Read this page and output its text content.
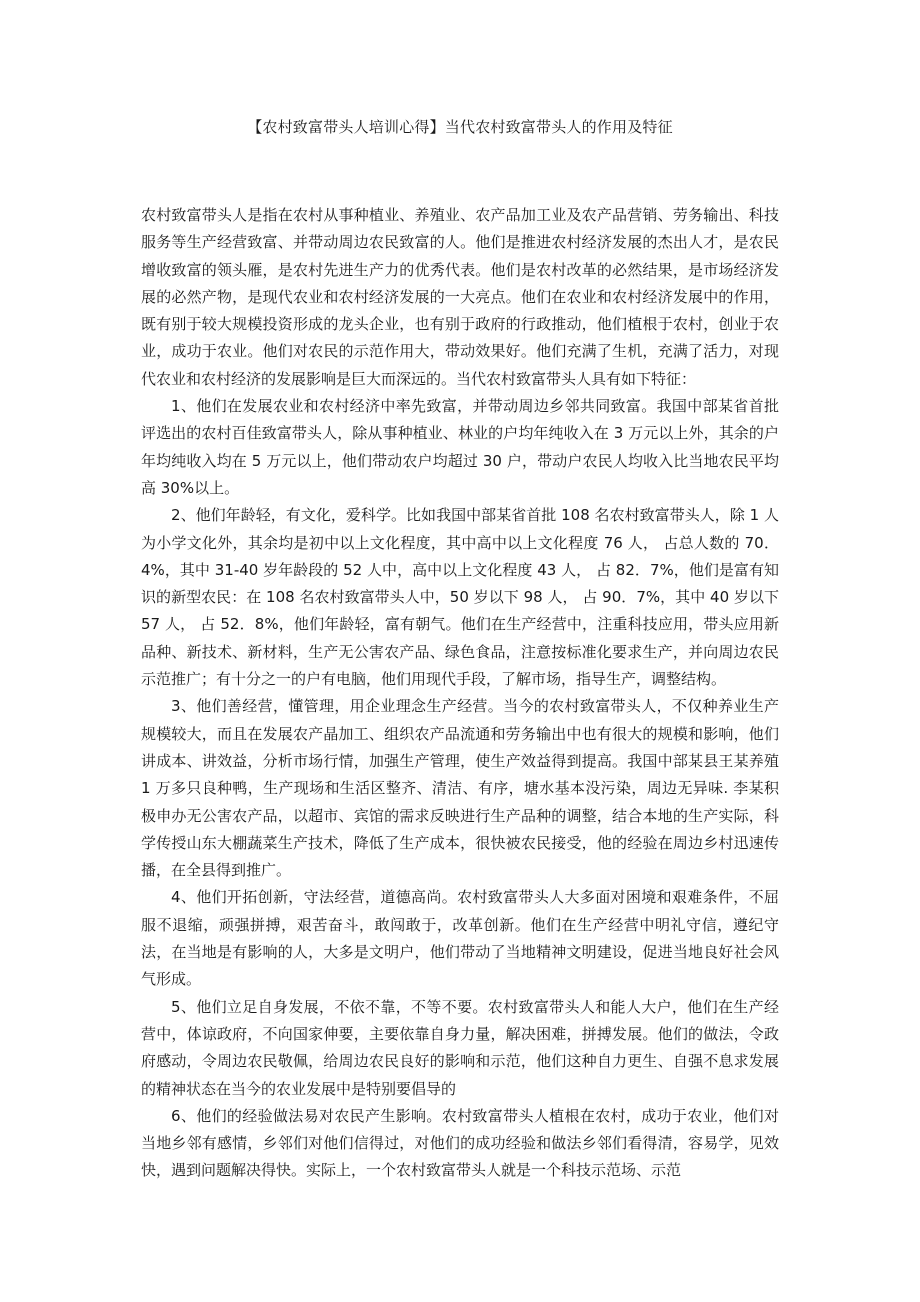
【农村致富带头人培训心得】当代农村致富带头人的作用及特征

农村致富带头人是指在农村从事种植业、养殖业、农产品加工业及农产品营销、劳务输出、科技服务等生产经营致富、并带动周边农民致富的人。他们是推进农村经济发展的杰出人才，是农民增收致富的领头雁，是农村先进生产力的优秀代表。他们是农村改革的必然结果，是市场经济发展的必然产物，是现代农业和农村经济发展的一大亮点。他们在农业和农村经济发展中的作用，既有别于较大规模投资形成的龙头企业，也有别于政府的行政推动，他们植根于农村，创业于农业，成功于农业。他们对农民的示范作用大，带动效果好。他们充满了生机，充满了活力，对现代农业和农村经济的发展影响是巨大而深远的。当代农村致富带头人具有如下特征：

1、他们在发展农业和农村经济中率先致富，并带动周边乡邻共同致富。我国中部某省首批评选出的农村百佳致富带头人，除从事种植业、林业的户均年纯收入在 3 万元以上外，其余的户年均纯收入均在 5 万元以上，他们带动农户均超过 30 户，带动户农民人均收入比当地农民平均高 30%以上。

2、他们年龄轻，有文化，爱科学。比如我国中部某省首批 108 名农村致富带头人，除 1 人为小学文化外，其余均是初中以上文化程度，其中高中以上文化程度 76 人， 占总人数的 70．4%，其中 31-40 岁年龄段的 52 人中，高中以上文化程度 43 人， 占 82．7%，他们是富有知识的新型农民：在 108 名农村致富带头人中，50 岁以下 98 人， 占 90．7%，其中 40 岁以下 57 人， 占 52．8%，他们年龄轻，富有朝气。他们在生产经营中，注重科技应用，带头应用新品种、新技术、新材料，生产无公害农产品、绿色食品，注意按标准化要求生产，并向周边农民示范推广；有十分之一的户有电脑，他们用现代手段，了解市场，指导生产，调整结构。

3、他们善经营，懂管理，用企业理念生产经营。当今的农村致富带头人，不仅种养业生产规模较大，而且在发展农产晶加工、组织农产品流通和劳务输出中也有很大的规模和影响，他们讲成本、讲效益，分析市场行情，加强生产管理，使生产效益得到提高。我国中部某县王某养殖 1 万多只良种鸭，生产现场和生活区整齐、清洁、有序，塘水基本没污染，周边无异味. 李某积极申办无公害农产品，以超市、宾馆的需求反映进行生产品种的调整，结合本地的生产实际，科学传授山东大棚蔬菜生产技术，降低了生产成本，很快被农民接受，他的经验在周边乡村迅速传播，在全县得到推广。

4、他们开拓创新，守法经营，道德高尚。农村致富带头人大多面对困境和艰难条件，不屈服不退缩，顽强拼搏，艰苦奋斗，敢闯敢于，改革创新。他们在生产经营中明礼守信，遵纪守法，在当地是有影响的人，大多是文明户，他们带动了当地精神文明建设，促进当地良好社会风气形成。

5、他们立足自身发展，不依不靠，不等不要。农村致富带头人和能人大户，他们在生产经营中，体谅政府，不向国家伸要，主要依靠自身力量，解决困难，拼搏发展。他们的做法，令政府感动，令周边农民敬佩，给周边农民良好的影响和示范，他们这种自力更生、自强不息求发展的精神状态在当今的农业发展中是特别要倡导的

6、他们的经验做法易对农民产生影响。农村致富带头人植根在农村，成功于农业，他们对当地乡邻有感情，乡邻们对他们信得过，对他们的成功经验和做法乡邻们看得清，容易学，见效快，遇到问题解决得快。实际上，一个农村致富带头人就是一个科技示范场、示范
